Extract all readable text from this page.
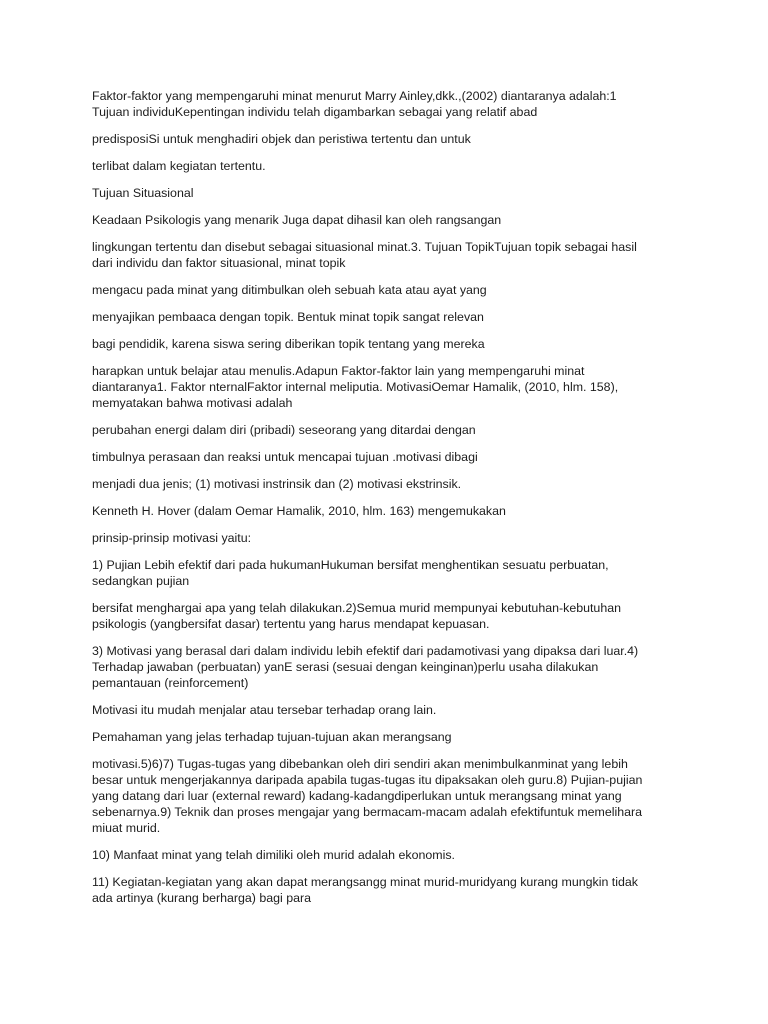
Faktor-faktor yang mempengaruhi minat menurut Marry Ainley,dkk.,(2002) diantaranya adalah:1
Tujuan individuKepentingan individu telah digambarkan sebagai yang relatif abad

predisposiSi untuk menghadiri objek dan peristiwa tertentu dan untuk

terlibat dalam kegiatan tertentu.

Tujuan Situasional

Keadaan Psikologis yang menarik Juga dapat dihasil kan oleh rangsangan

lingkungan tertentu dan disebut sebagai situasional minat.3. Tujuan TopikTujuan topik sebagai hasil
dari individu dan faktor situasional, minat topik

mengacu pada minat yang ditimbulkan oleh sebuah kata atau ayat yang

menyajikan pembaaca dengan topik. Bentuk minat topik sangat relevan

bagi pendidik, karena siswa sering diberikan topik tentang yang mereka

harapkan untuk belajar atau menulis.Adapun Faktor-faktor lain yang mempengaruhi minat
diantaranya1. Faktor nternalFaktor internal meliputia. MotivasiOemar Hamalik, (2010, hlm. 158),
memyatakan bahwa motivasi adalah

perubahan energi dalam diri (pribadi) seseorang yang ditardai dengan

timbulnya perasaan dan reaksi untuk mencapai tujuan .motivasi dibagi

menjadi dua jenis; (1) motivasi instrinsik dan (2) motivasi ekstrinsik.

Kenneth H. Hover (dalam Oemar Hamalik, 2010, hlm. 163) mengemukakan

prinsip-prinsip motivasi yaitu:

1) Pujian Lebih efektif dari pada hukumanHukuman bersifat menghentikan sesuatu perbuatan,
sedangkan pujian

bersifat menghargai apa yang telah dilakukan.2)Semua murid mempunyai kebutuhan-kebutuhan
psikologis (yangbersifat dasar) tertentu yang harus mendapat kepuasan.

3) Motivasi yang berasal dari dalam individu lebih efektif dari padamotivasi yang dipaksa dari luar.4)
Terhadap jawaban (perbuatan) yanE serasi (sesuai dengan keinginan)perlu usaha dilakukan
pemantauan (reinforcement)

Motivasi itu mudah menjalar atau tersebar terhadap orang lain.

Pemahaman yang jelas terhadap tujuan-tujuan akan merangsang

motivasi.5)6)7) Tugas-tugas yang dibebankan oleh diri sendiri akan menimbulkanminat yang lebih
besar untuk mengerjakannya daripada apabila tugas-tugas itu dipaksakan oleh guru.8) Pujian-pujian
yang datang dari luar (external reward) kadang-kadangdiperlukan untuk merangsang minat yang
sebenarnya.9) Teknik dan proses mengajar yang bermacam-macam adalah efektifuntuk memelihara
miuat murid.

10) Manfaat minat yang telah dimiliki oleh murid adalah ekonomis.

11) Kegiatan-kegiatan yang akan dapat merangsangg minat murid-muridyang kurang mungkin tidak
ada artinya (kurang berharga) bagi para
